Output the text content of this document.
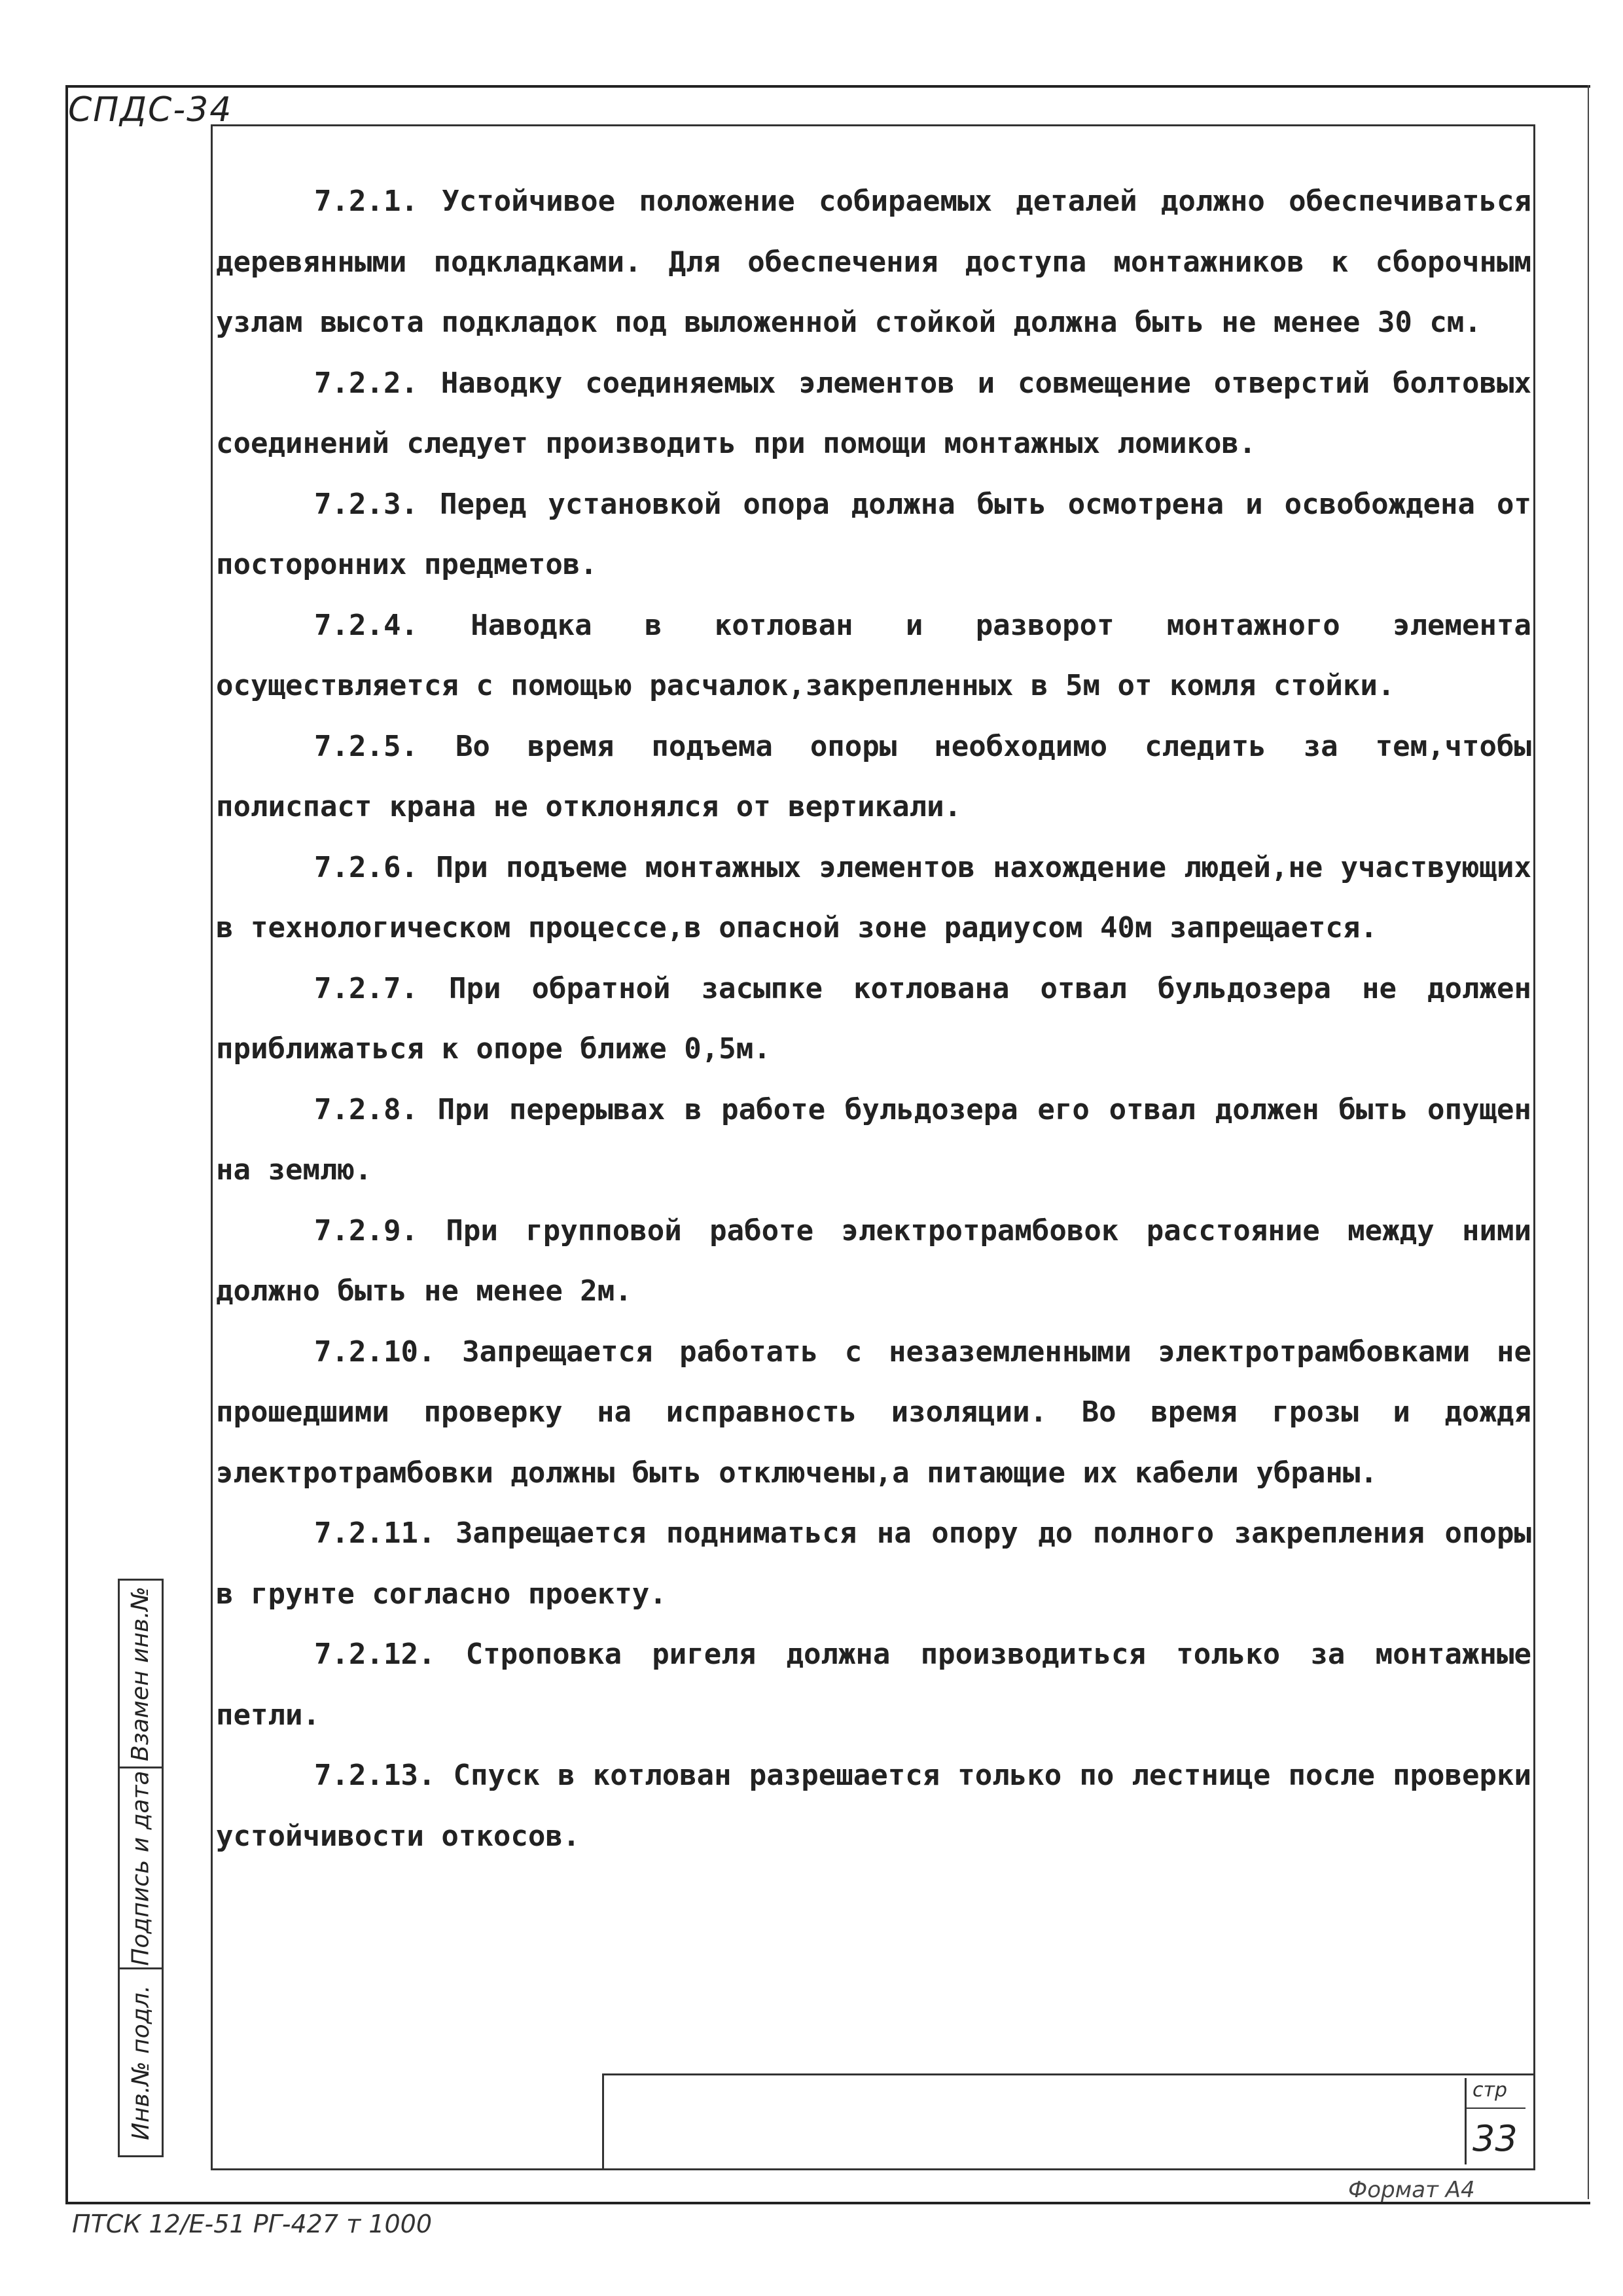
СПДС-34

7.2.1. Устойчивое положение собираемых деталей должно обеспечиваться деревянными подкладками. Для обеспечения доступа монтажников к сборочным узлам высота подкладок под выложенной стойкой должна быть не менее 30 см.

7.2.2. Наводку соединяемых элементов и совмещение отверстий болтовых соединений следует производить при помощи монтажных ломиков.

7.2.3. Перед установкой опора должна быть осмотрена и освобождена от посторонних предметов.

7.2.4. Наводка в котлован и разворот монтажного элемента осуществляется с помощью расчалок,закрепленных в 5м от комля стойки.

7.2.5. Во время подъема опоры необходимо следить за тем,чтобы полиспаст крана не отклонялся от вертикали.

7.2.6. При подъеме монтажных элементов нахождение людей,не участвующих в технологическом процессе,в опасной зоне радиусом 40м запрещается.

7.2.7. При обратной засыпке котлована отвал бульдозера не должен приближаться к опоре ближе 0,5м.

7.2.8. При перерывах в работе бульдозера его отвал должен быть опущен на землю.

7.2.9. При групповой работе электротрамбовок расстояние между ними должно быть не менее 2м.

7.2.10. Запрещается работать с незаземленными электротрамбовками не прошедшими проверку на исправность изоляции. Во время грозы и дождя электротрамбовки должны быть отключены,а питающие их кабели убраны.

7.2.11. Запрещается подниматься на опору до полного закрепления опоры в грунте согласно проекту.

7.2.12. Строповка ригеля должна производиться только за монтажные петли.

7.2.13. Спуск в котлован разрешается только по лестнице после проверки устойчивости откосов.

Взамен инв.№
Подпись и дата
Инв.№ подл.	стр
33
Формат А4
ПТСК 12/Е-51 РГ-427 т 1000
